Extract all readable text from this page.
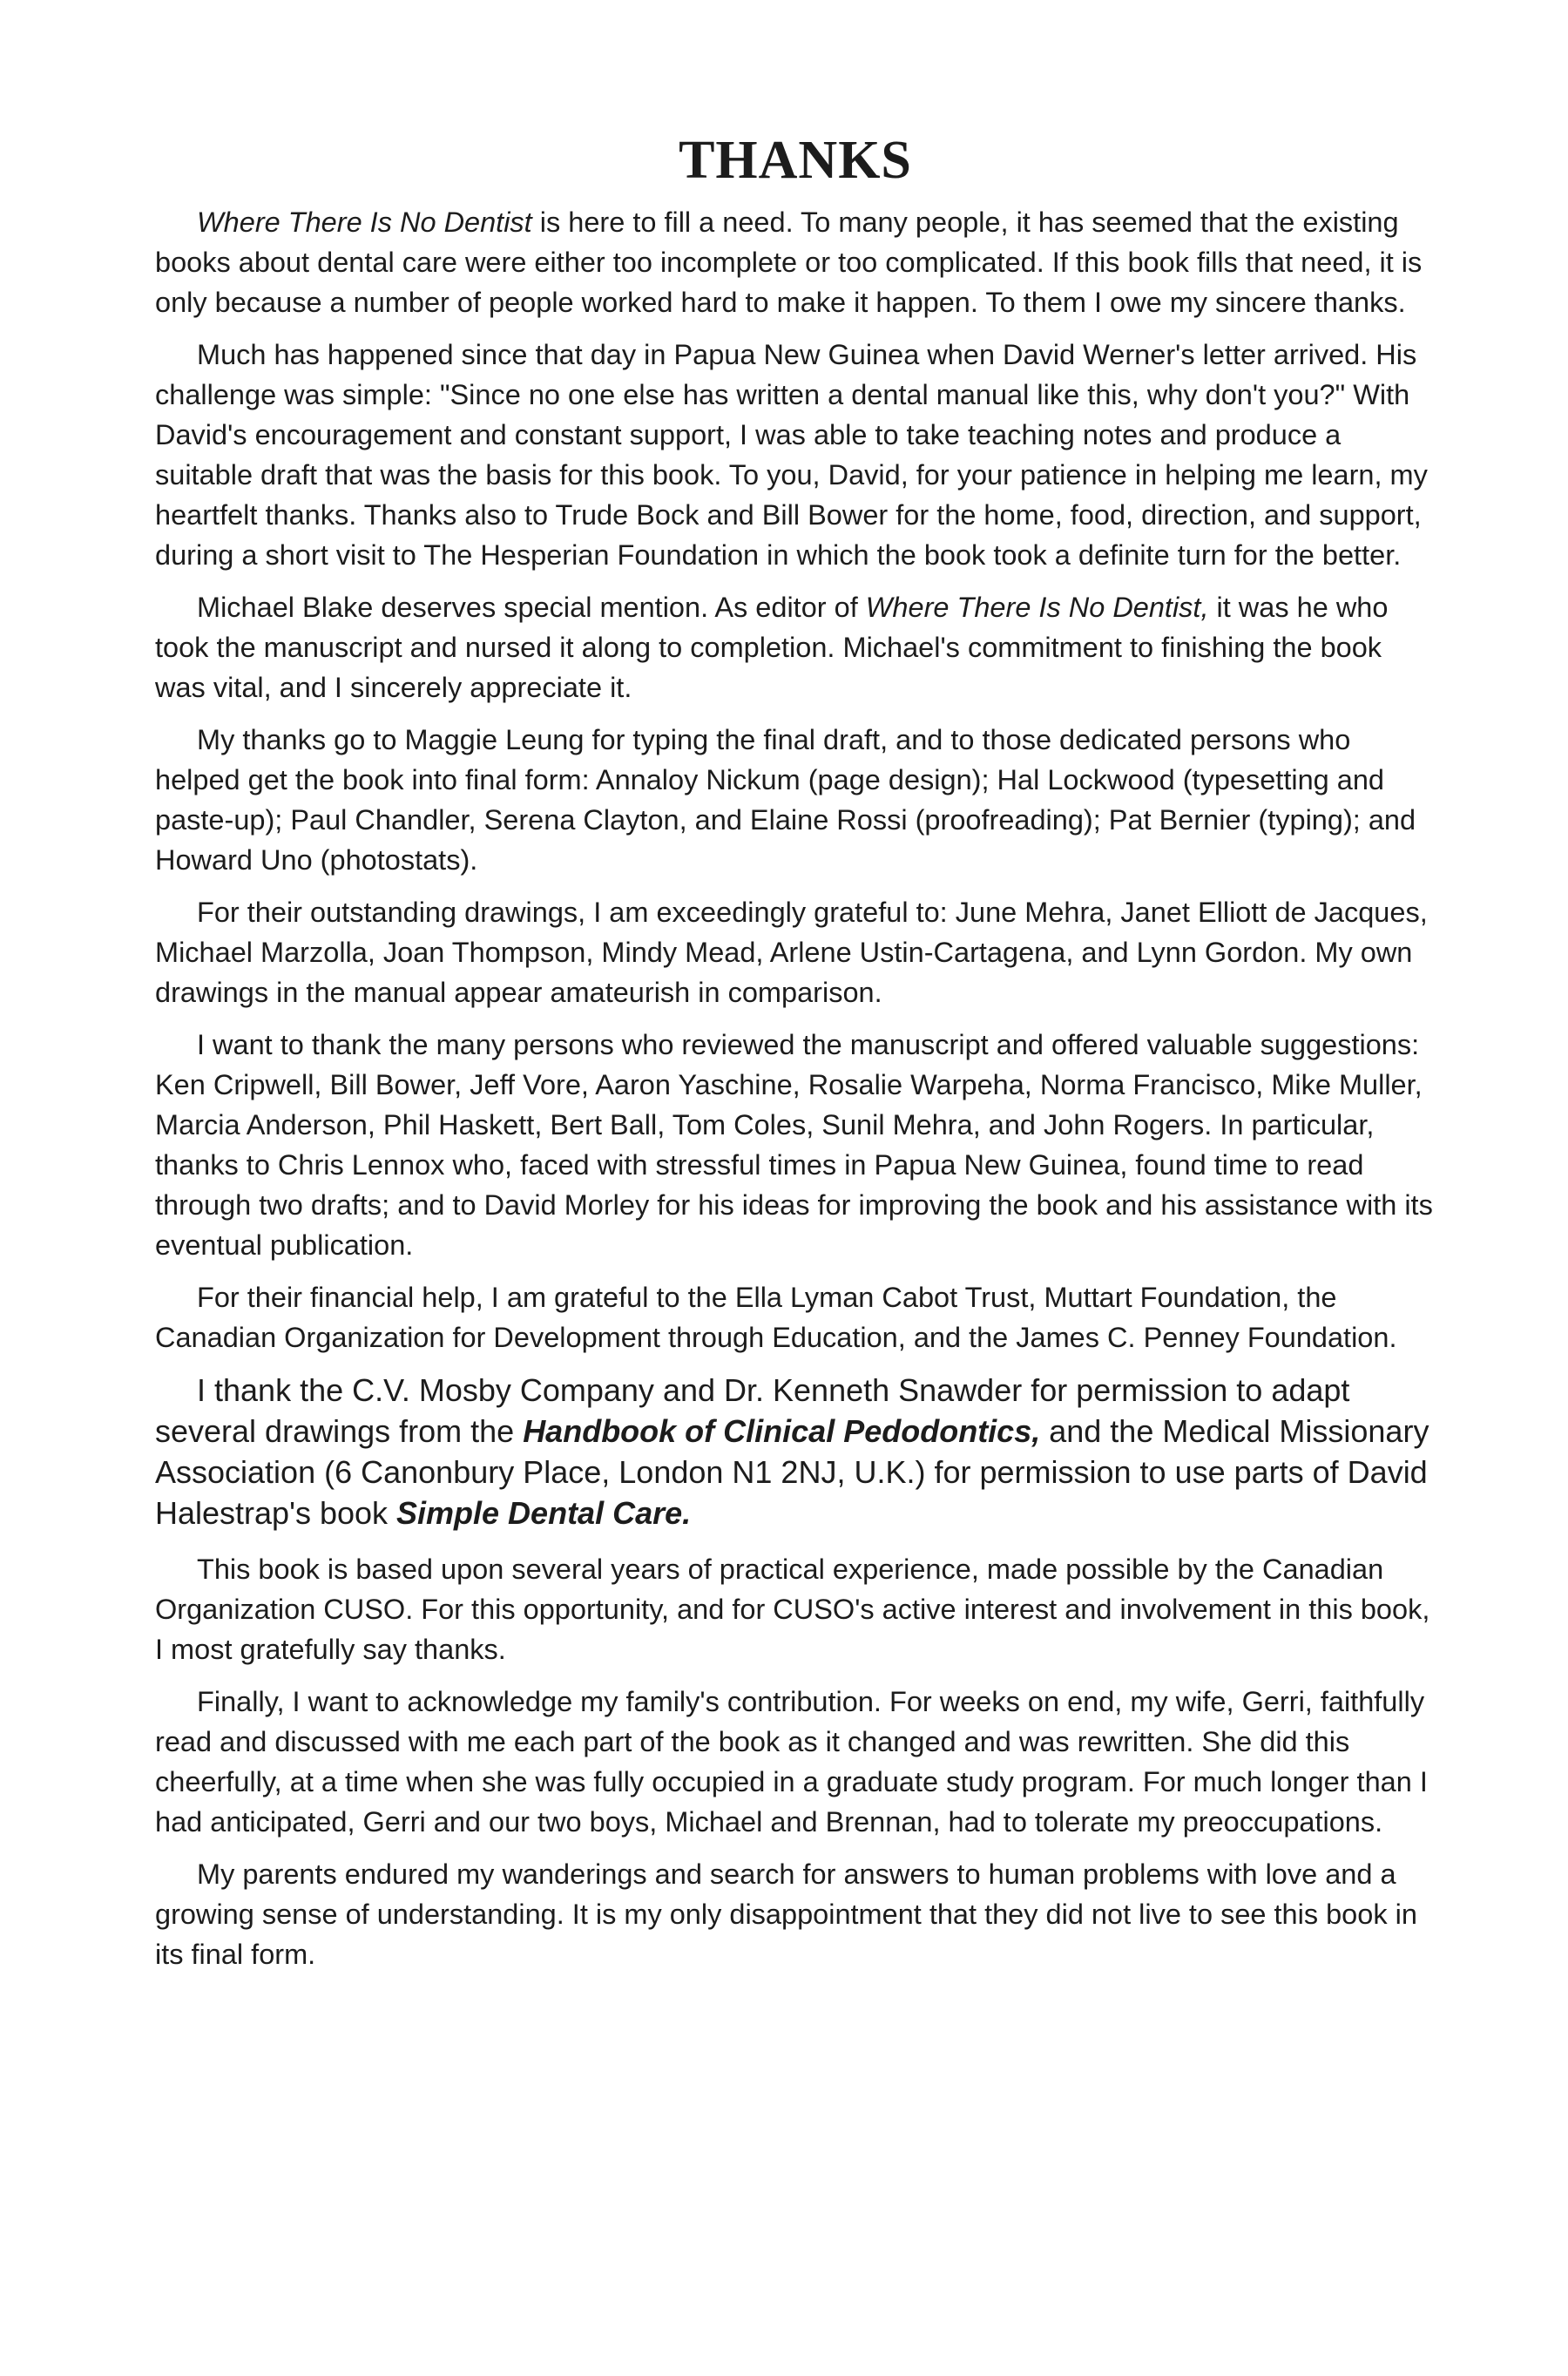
THANKS

Where There Is No Dentist is here to fill a need. To many people, it has seemed that the existing books about dental care were either too incomplete or too complicated. If this book fills that need, it is only because a number of people worked hard to make it happen. To them I owe my sincere thanks.

Much has happened since that day in Papua New Guinea when David Werner's letter arrived. His challenge was simple: "Since no one else has written a dental manual like this, why don't you?" With David's encouragement and constant support, I was able to take teaching notes and produce a suitable draft that was the basis for this book. To you, David, for your patience in helping me learn, my heartfelt thanks. Thanks also to Trude Bock and Bill Bower for the home, food, direction, and support, during a short visit to The Hesperian Foundation in which the book took a definite turn for the better.

Michael Blake deserves special mention. As editor of Where There Is No Dentist, it was he who took the manuscript and nursed it along to completion. Michael's commitment to finishing the book was vital, and I sincerely appreciate it.

My thanks go to Maggie Leung for typing the final draft, and to those dedicated persons who helped get the book into final form: Annaloy Nickum (page design); Hal Lockwood (typesetting and paste-up); Paul Chandler, Serena Clayton, and Elaine Rossi (proofreading); Pat Bernier (typing); and Howard Uno (photostats).

For their outstanding drawings, I am exceedingly grateful to: June Mehra, Janet Elliott de Jacques, Michael Marzolla, Joan Thompson, Mindy Mead, Arlene Ustin-Cartagena, and Lynn Gordon. My own drawings in the manual appear amateurish in comparison.

I want to thank the many persons who reviewed the manuscript and offered valuable suggestions: Ken Cripwell, Bill Bower, Jeff Vore, Aaron Yaschine, Rosalie Warpeha, Norma Francisco, Mike Muller, Marcia Anderson, Phil Haskett, Bert Ball, Tom Coles, Sunil Mehra, and John Rogers. In particular, thanks to Chris Lennox who, faced with stressful times in Papua New Guinea, found time to read through two drafts; and to David Morley for his ideas for improving the book and his assistance with its eventual publication.

For their financial help, I am grateful to the Ella Lyman Cabot Trust, Muttart Foundation, the Canadian Organization for Development through Education, and the James C. Penney Foundation.

I thank the C.V. Mosby Company and Dr. Kenneth Snawder for permission to adapt several drawings from the Handbook of Clinical Pedodontics, and the Medical Missionary Association (6 Canonbury Place, London N1 2NJ, U.K.) for permission to use parts of David Halestrap's book Simple Dental Care.

This book is based upon several years of practical experience, made possible by the Canadian Organization CUSO. For this opportunity, and for CUSO's active interest and involvement in this book, I most gratefully say thanks.

Finally, I want to acknowledge my family's contribution. For weeks on end, my wife, Gerri, faithfully read and discussed with me each part of the book as it changed and was rewritten. She did this cheerfully, at a time when she was fully occupied in a graduate study program. For much longer than I had anticipated, Gerri and our two boys, Michael and Brennan, had to tolerate my preoccupations.

My parents endured my wanderings and search for answers to human problems with love and a growing sense of understanding. It is my only disappointment that they did not live to see this book in its final form.
